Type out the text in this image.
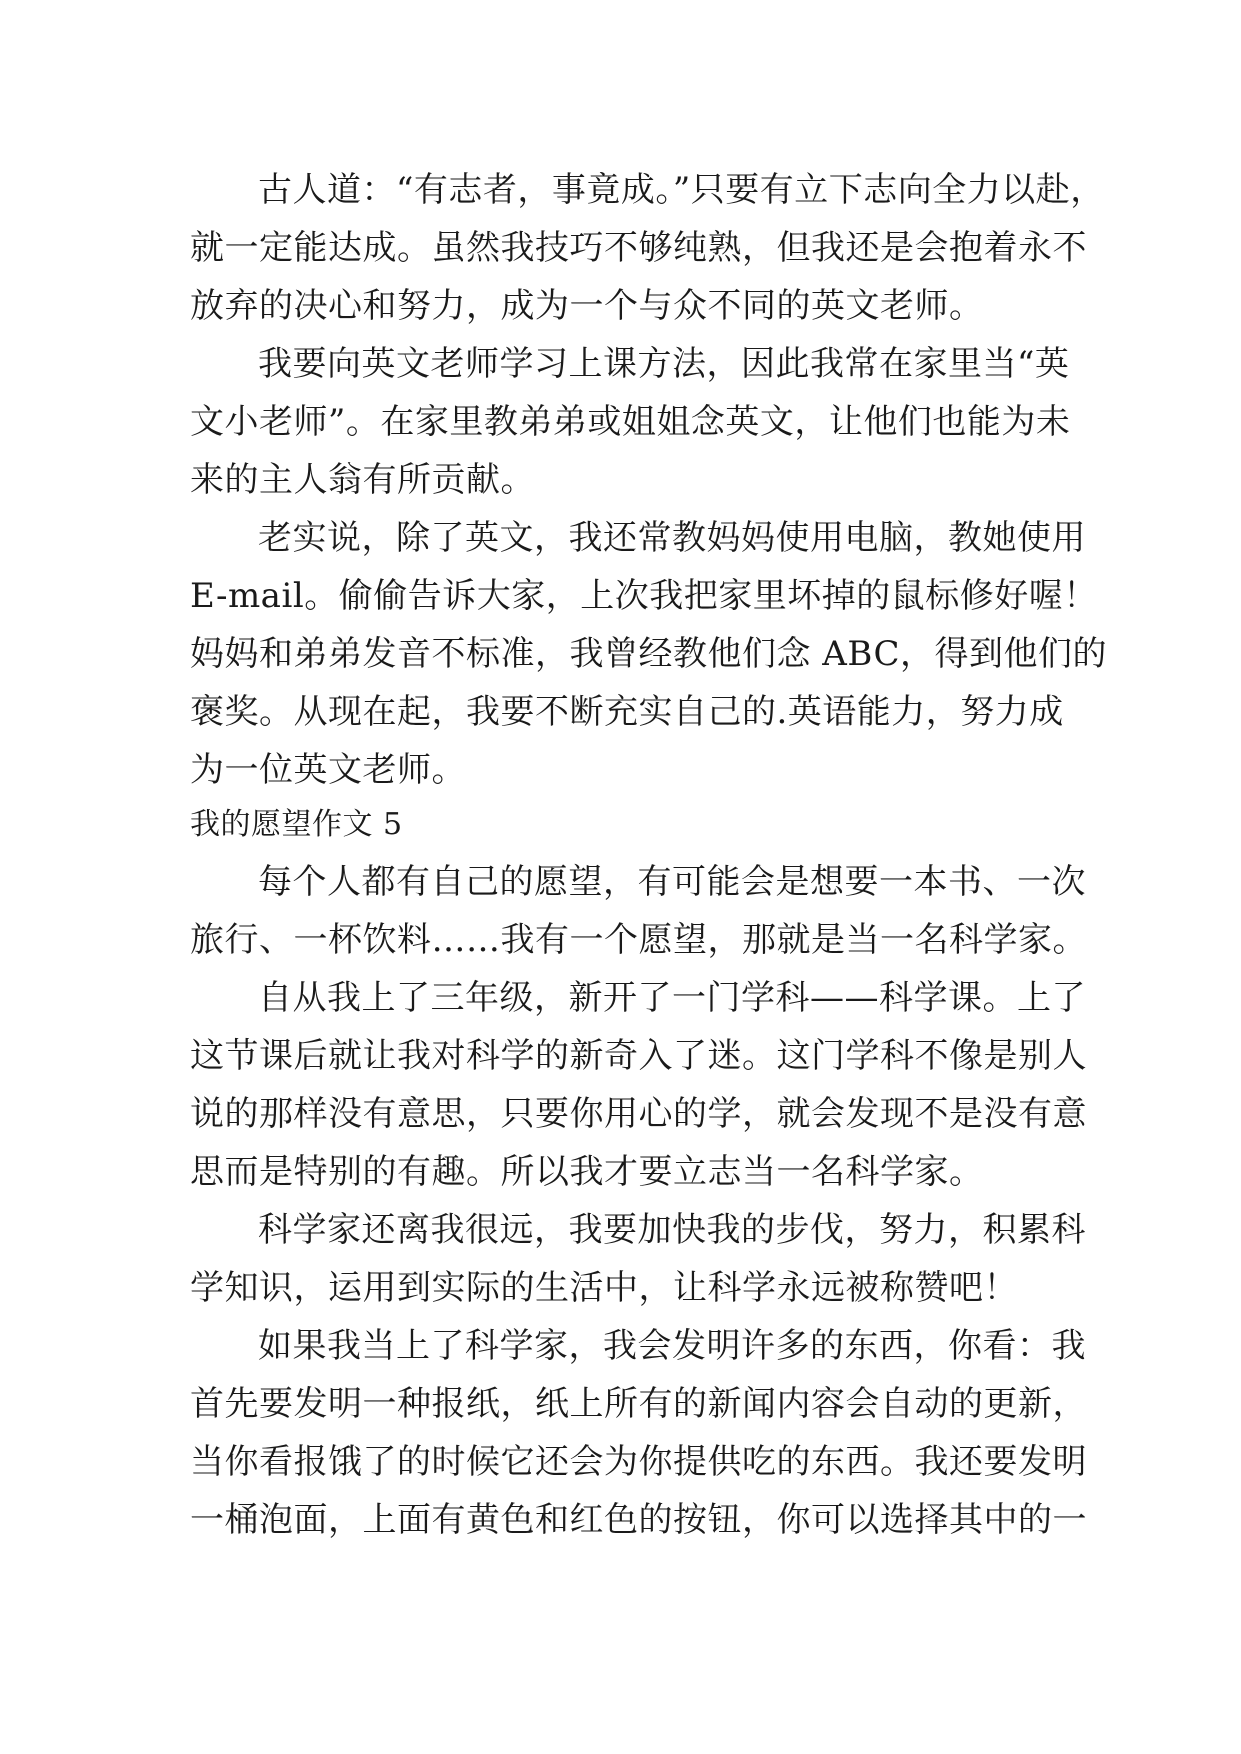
古人道：“有志者，事竟成。”只要有立下志向全力以赴，
就一定能达成。虽然我技巧不够纯熟，但我还是会抱着永不
放弃的决心和努力，成为一个与众不同的英文老师。
我要向英文老师学习上课方法，因此我常在家里当“英
文小老师”。在家里教弟弟或姐姐念英文，让他们也能为未
来的主人翁有所贡献。
老实说，除了英文，我还常教妈妈使用电脑，教她使用
E-mail。偷偷告诉大家，上次我把家里坏掉的鼠标修好喔！
妈妈和弟弟发音不标准，我曾经教他们念 ABC，得到他们的
褒奖。从现在起，我要不断充实自己的.英语能力，努力成
为一位英文老师。
我的愿望作文 5
每个人都有自己的愿望，有可能会是想要一本书、一次
旅行、一杯饮料……我有一个愿望，那就是当一名科学家。
自从我上了三年级，新开了一门学科——科学课。上了
这节课后就让我对科学的新奇入了迷。这门学科不像是别人
说的那样没有意思，只要你用心的学，就会发现不是没有意
思而是特别的有趣。所以我才要立志当一名科学家。
科学家还离我很远，我要加快我的步伐，努力，积累科
学知识，运用到实际的生活中，让科学永远被称赞吧！
如果我当上了科学家，我会发明许多的东西，你看：我
首先要发明一种报纸，纸上所有的新闻内容会自动的更新，
当你看报饿了的时候它还会为你提供吃的东西。我还要发明
一桶泡面，上面有黄色和红色的按钮，你可以选择其中的一
